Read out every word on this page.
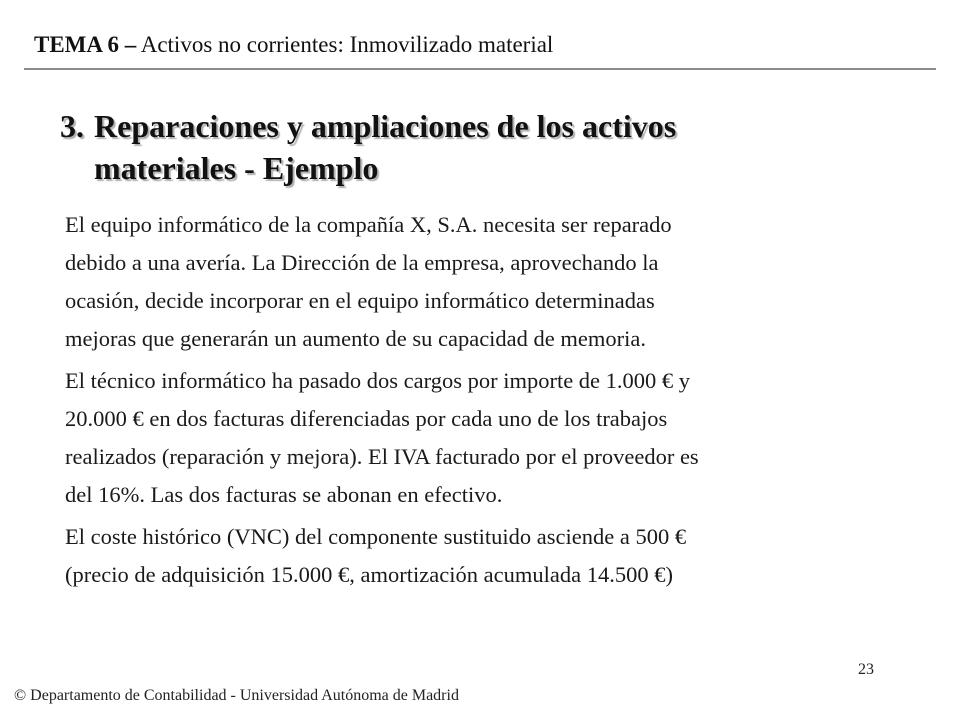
TEMA 6 – Activos no corrientes: Inmovilizado material
3. Reparaciones y ampliaciones de los activos
materiales - Ejemplo

El equipo informático de la compañía X, S.A. necesita ser reparado
debido a una avería. La Dirección de la empresa, aprovechando la
ocasión, decide incorporar en el equipo informático determinadas
mejoras que generarán un aumento de su capacidad de memoria.

El técnico informático ha pasado dos cargos por importe de 1.000 € y
20.000 € en dos facturas diferenciadas por cada uno de los trabajos
realizados (reparación y mejora). El IVA facturado por el proveedor es
del 16%. Las dos facturas se abonan en efectivo.

El coste histórico (VNC) del componente sustituido asciende a 500 €
(precio de adquisición 15.000 €, amortización acumulada 14.500 €)

23
© Departamento de Contabilidad - Universidad Autónoma de Madrid
